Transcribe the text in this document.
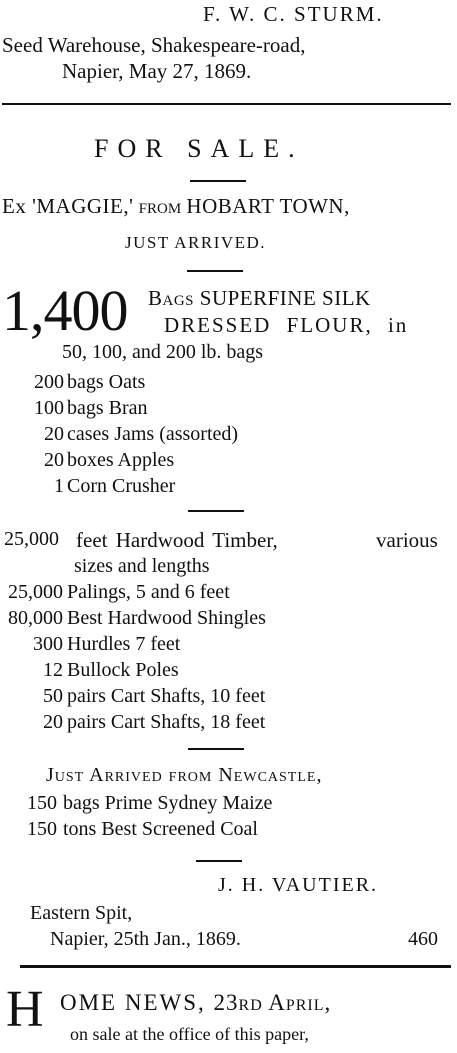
F. W. C. STURM.
Seed Warehouse, Shakespeare-road,
Napier, May 27, 1869.
FOR SALE.
Ex 'MAGGIE,' from HOBART TOWN,
JUST ARRIVED.
1,400 Bags SUPERFINE SILK
DRESSED FLOUR, in
50, 100, and 200 lb. bags
200 bags Oats
100 bags Bran
20 cases Jams (assorted)
20 boxes Apples
1 Corn Crusher
25,000 feet Hardwood Timber,	various
sizes and lengths
25,000 Palings, 5 and 6 feet
80,000 Best Hardwood Shingles
300 Hurdles 7 feet
12 Bullock Poles
50 pairs Cart Shafts, 10 feet
20 pairs Cart Shafts, 18 feet
Just Arrived from Newcastle,
150 bags Prime Sydney Maize
150 tons Best Screened Coal
J. H. VAUTIER.
Eastern Spit,
Napier, 25th Jan., 1869.	460
H OME NEWS, 23rd April,
on sale at the office of this paper,
